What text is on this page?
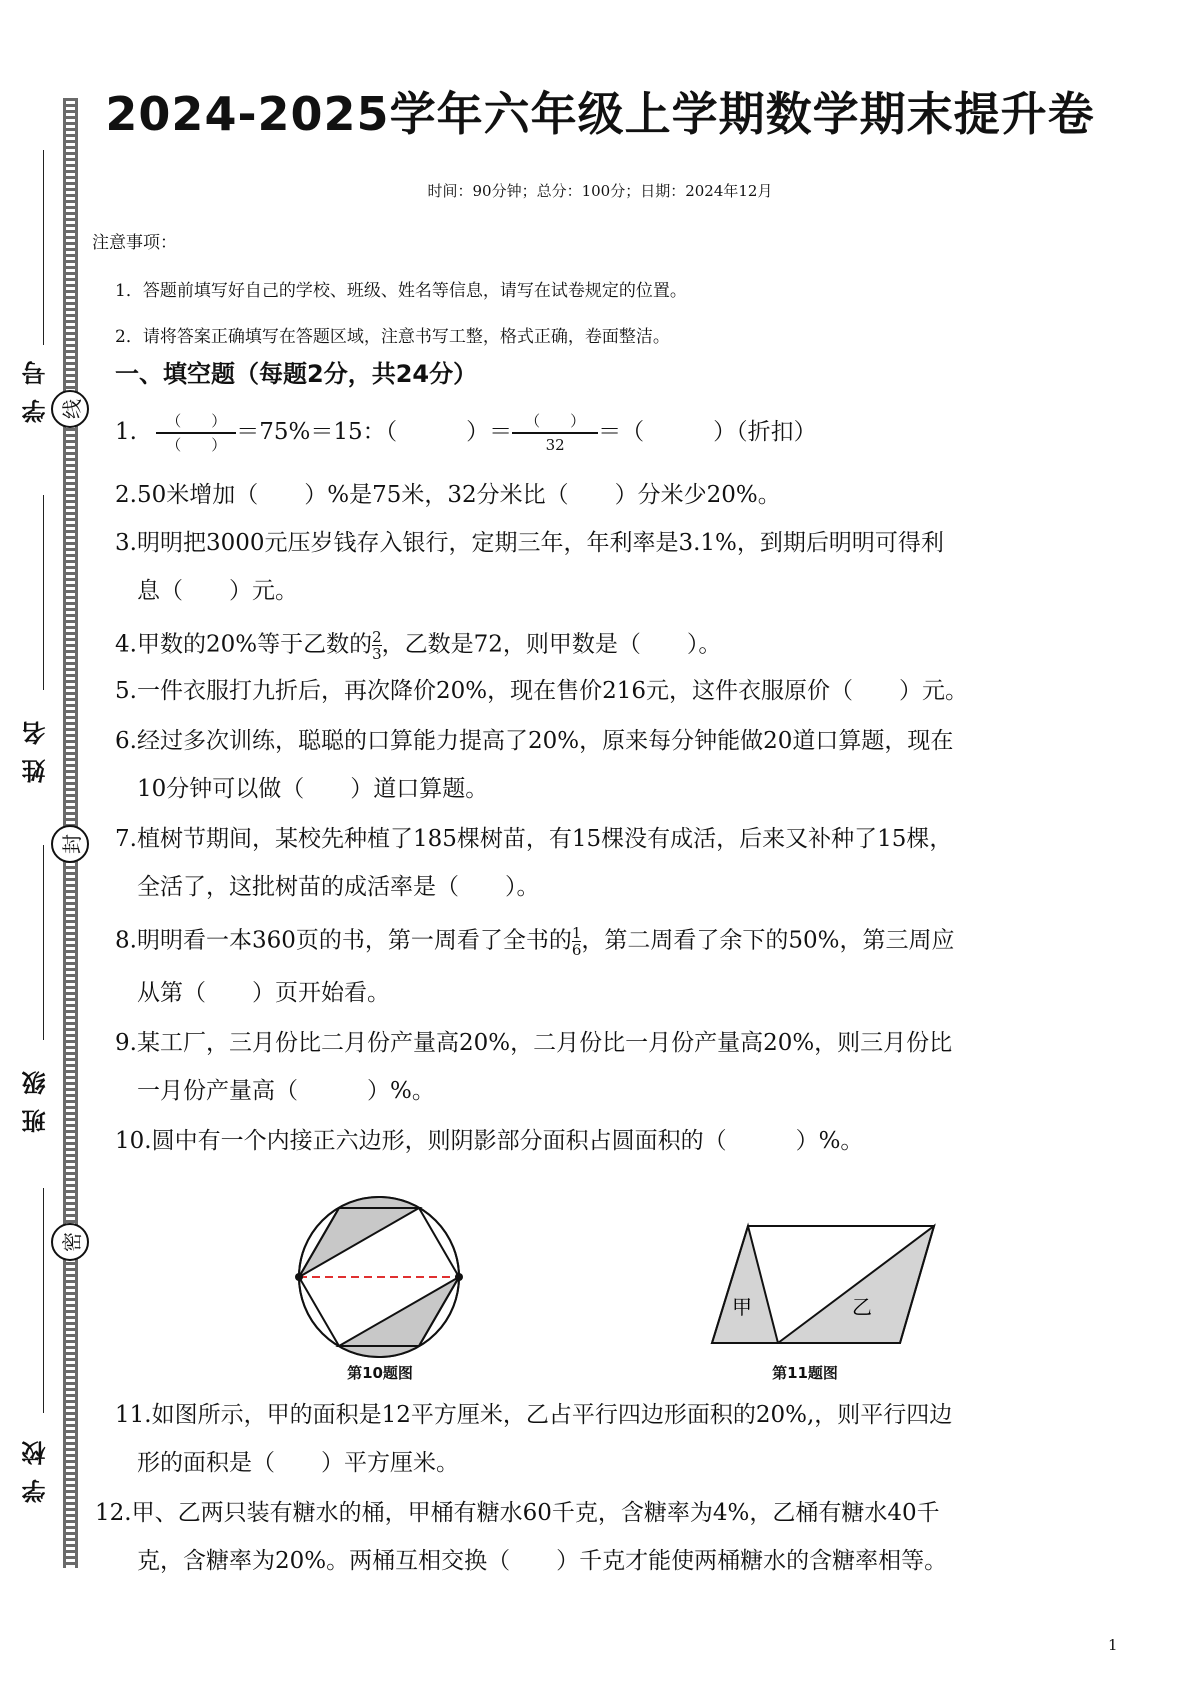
学号 线
姓名
封
班级
密
学校
2024-2025学年六年级上学期数学期末提升卷
时间：90分钟；总分：100分；日期：2024年12月
注意事项：
1．答题前填写好自己的学校、班级、姓名等信息，请写在试卷规定的位置。
2．请将答案正确填写在答题区域，注意书写工整，格式正确，卷面整洁。
一、填空题（每题2分，共24分）
1. $\frac{( )}{( )} =75\%=15$：（　　　）＝ $\frac{( )}{32}$ ＝（　　　）（折扣）
2.50米增加（　　）%是75米，32分米比（　　）分米少20%。
3.明明把3000元压岁钱存入银行，定期三年，年利率是3.1%，到期后明明可得利
息（　　）元。
4.甲数的20%等于乙数的$\frac{2}{3}$，乙数是72，则甲数是（　　）。
5.一件衣服打九折后，再次降价20%，现在售价216元，这件衣服原价（　　）元。
6.经过多次训练，聪聪的口算能力提高了20%，原来每分钟能做20道口算题，现在
10分钟可以做（　　）道口算题。
7.植树节期间，某校先种植了185棵树苗，有15棵没有成活，后来又补种了15棵，
全活了，这批树苗的成活率是（　　）。
8.明明看一本360页的书，第一周看了全书的$\frac{1}{6}$，第二周看了余下的50%，第三周应
从第（　　）页开始看。
9.某工厂，三月份比二月份产量高20%，二月份比一月份产量高20%，则三月份比
一月份产量高（　　　）%。
10.圆中有一个内接正六边形，则阴影部分面积占圆面积的（　　　）%。
第10题图
甲	乙
第11题图
11.如图所示，甲的面积是12平方厘米，乙占平行四边形面积的20%,，则平行四边
形的面积是（　　）平方厘米。
12.甲、乙两只装有糖水的桶，甲桶有糖水60千克，含糖率为4%，乙桶有糖水40千
克，含糖率为20%。两桶互相交换（　　）千克才能使两桶糖水的含糖率相等。
1
